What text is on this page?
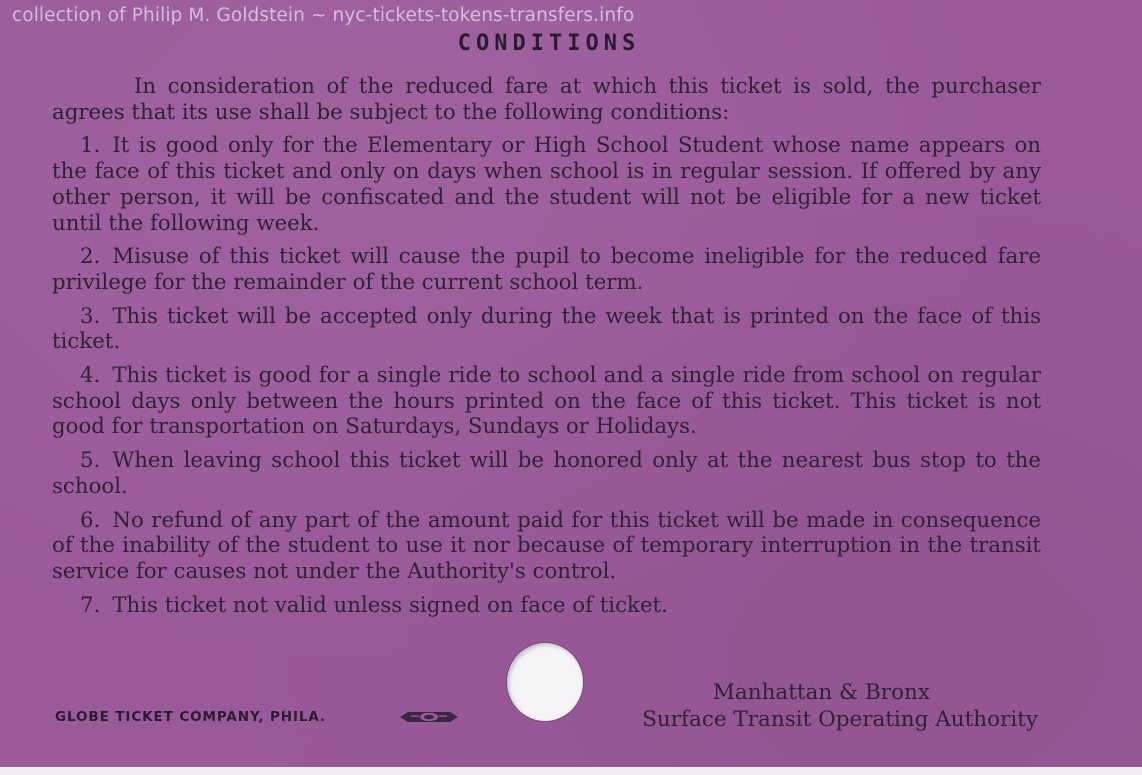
collection of Philip M. Goldstein ~ nyc-tickets-tokens-transfers.info
CONDITIONS

In consideration of the reduced fare at which this ticket is sold, the purchaser agrees that its use shall be subject to the following conditions:

1. It is good only for the Elementary or High School Student whose name appears on the face of this ticket and only on days when school is in regular session. If offered by any other person, it will be confiscated and the student will not be eligible for a new ticket until the following week.

2. Misuse of this ticket will cause the pupil to become ineligible for the reduced fare privilege for the remainder of the current school term.

3. This ticket will be accepted only during the week that is printed on the face of this ticket.

4. This ticket is good for a single ride to school and a single ride from school on regular school days only between the hours printed on the face of this ticket. This ticket is not good for transportation on Saturdays, Sundays or Holidays.

5. When leaving school this ticket will be honored only at the nearest bus stop to the school.

6. No refund of any part of the amount paid for this ticket will be made in consequence of the inability of the student to use it nor because of temporary interruption in the transit service for causes not under the Authority's control.

7. This ticket not valid unless signed on face of ticket.

Manhattan & Bronx
Surface Transit Operating Authority
GLOBE TICKET COMPANY, PHILA.
